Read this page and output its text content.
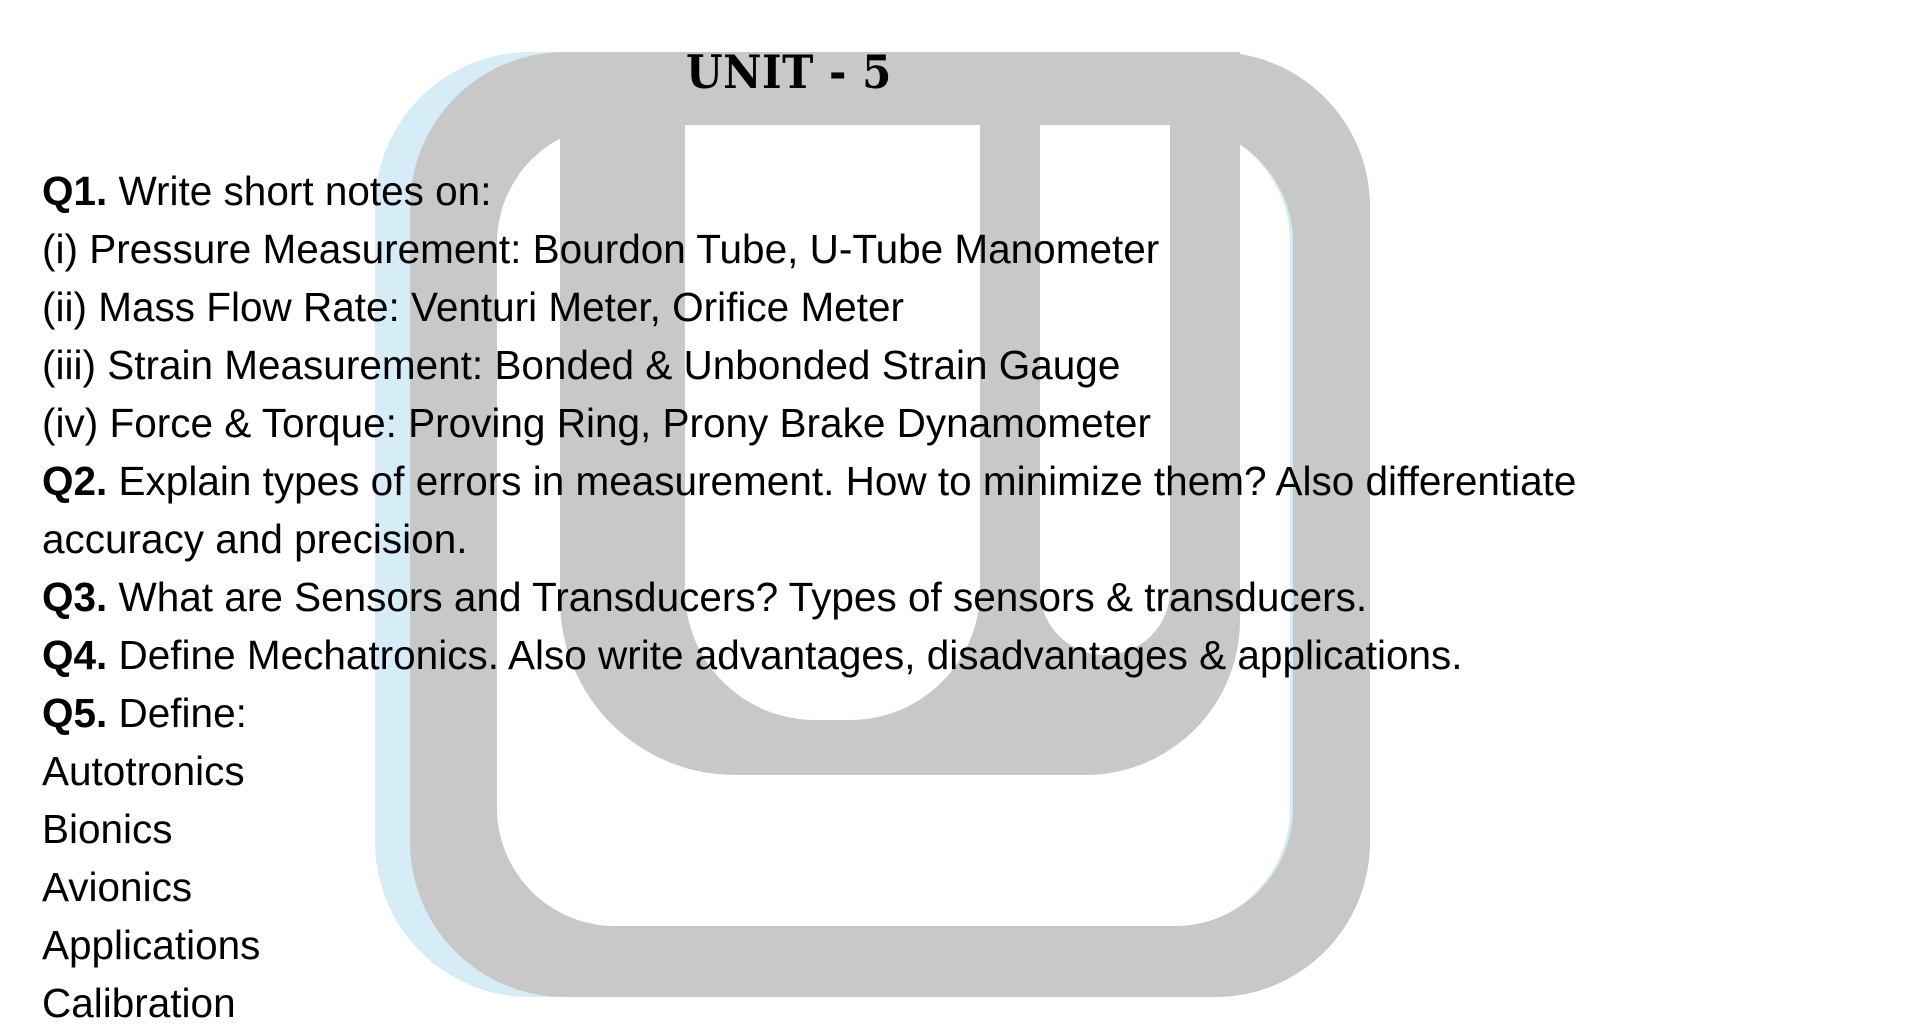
UNIT - 5
Q1. Write short notes on:
(i) Pressure Measurement: Bourdon Tube, U-Tube Manometer
(ii) Mass Flow Rate: Venturi Meter, Orifice Meter
(iii) Strain Measurement: Bonded & Unbonded Strain Gauge
(iv) Force & Torque: Proving Ring, Prony Brake Dynamometer
Q2. Explain types of errors in measurement. How to minimize them? Also differentiate
accuracy and precision.
Q3. What are Sensors and Transducers? Types of sensors & transducers.
Q4. Define Mechatronics. Also write advantages, disadvantages & applications.
Q5. Define:
Autotronics
Bionics
Avionics
Applications
Calibration
